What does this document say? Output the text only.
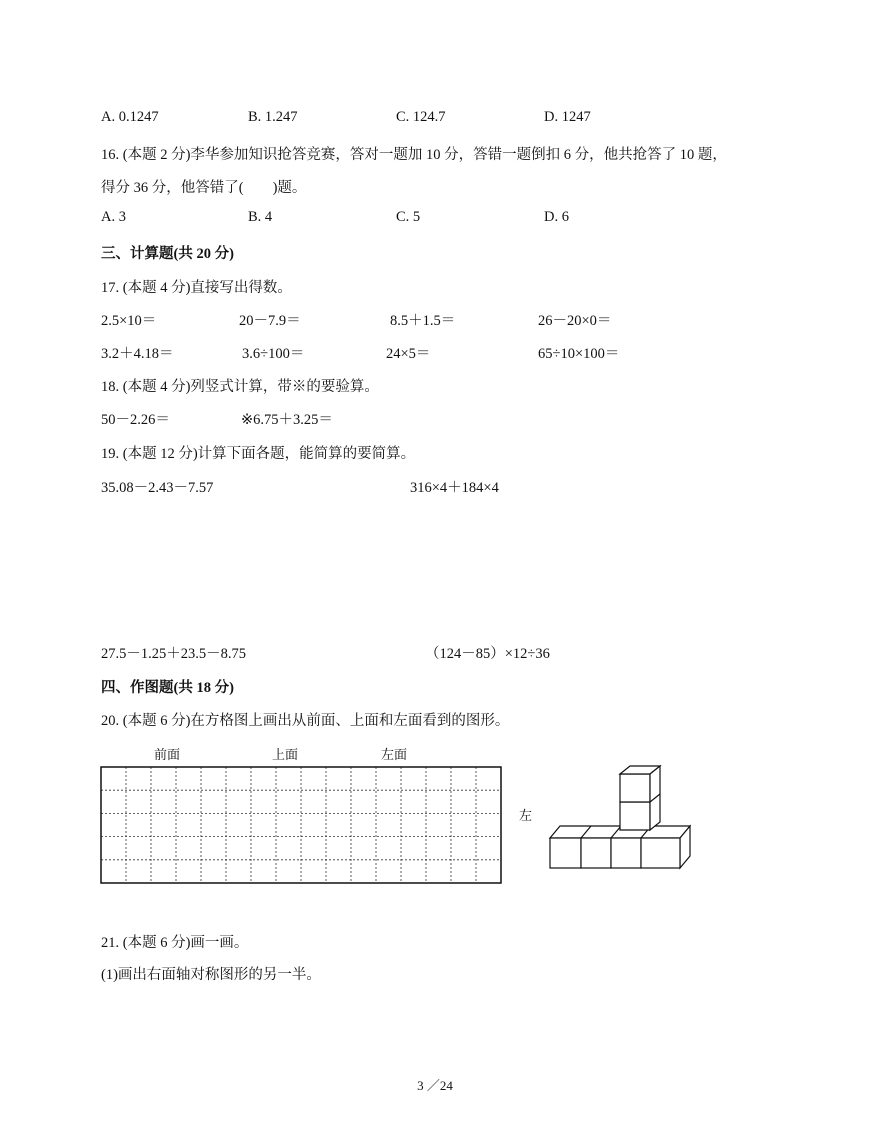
A. 0.1247	B. 1.247	C. 124.7	D. 1247
16. (本题 2 分)李华参加知识抢答竞赛，答对一题加 10 分，答错一题倒扣 6 分，他共抢答了 10 题，
得分 36 分，他答错了(　　)题。
A. 3	B. 4	C. 5	D. 6
三、计算题(共 20 分)
17. (本题 4 分)直接写出得数。
2.5×10＝	20－7.9＝	8.5＋1.5＝	26－20×0＝
3.2＋4.18＝	3.6÷100＝	24×5＝	65÷10×100＝
18. (本题 4 分)列竖式计算，带※的要验算。
50－2.26＝	※6.75＋3.25＝
19. (本题 12 分)计算下面各题，能简算的要简算。
35.08－2.43－7.57	316×4＋184×4
27.5－1.25＋23.5－8.75	（124－85）×12÷36
四、作图题(共 18 分)
20. (本题 6 分)在方格图上画出从前面、上面和左面看到的图形。
前面	上面	左面
左
21. (本题 6 分)画一画。
(1)画出右面轴对称图形的另一半。
3 ／24
